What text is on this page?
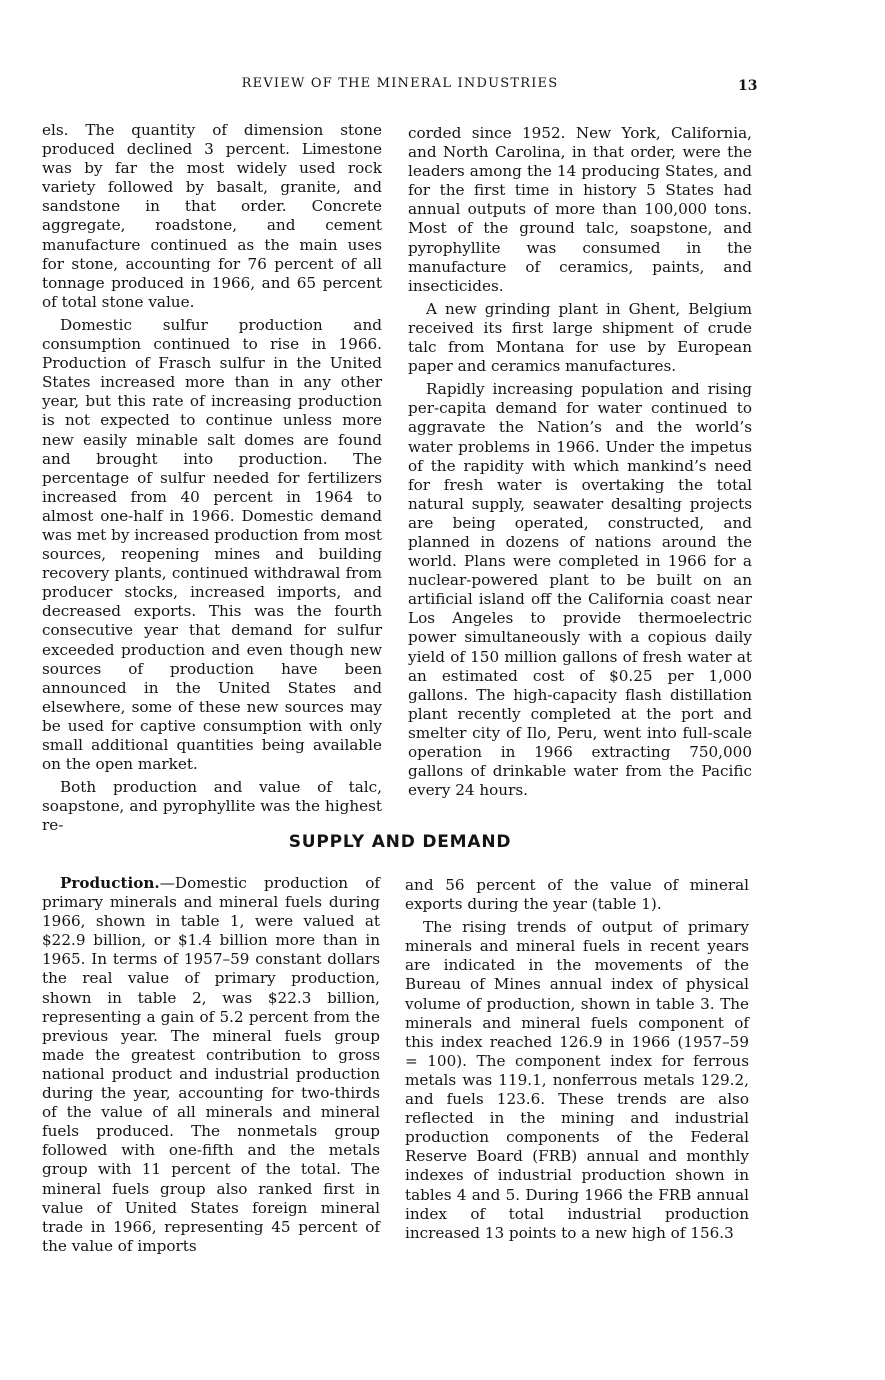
REVIEW OF THE MINERAL INDUSTRIES	13

els. The quantity of dimension stone produced declined 3 percent. Limestone was by far the most widely used rock variety followed by basalt, granite, and sandstone in that order. Concrete aggregate, roadstone, and cement manufacture continued as the main uses for stone, accounting for 76 percent of all tonnage produced in 1966, and 65 percent of total stone value.

Domestic sulfur production and consumption continued to rise in 1966. Production of Frasch sulfur in the United States increased more than in any other year, but this rate of increasing production is not expected to continue unless more new easily minable salt domes are found and brought into production. The percentage of sulfur needed for fertilizers increased from 40 percent in 1964 to almost one-half in 1966. Domestic demand was met by increased production from most sources, reopening mines and building recovery plants, continued withdrawal from producer stocks, increased imports, and decreased exports. This was the fourth consecutive year that demand for sulfur exceeded production and even though new sources of production have been announced in the United States and elsewhere, some of these new sources may be used for captive consumption with only small additional quantities being available on the open market.

Both production and value of talc, soapstone, and pyrophyllite was the highest re-

corded since 1952. New York, California, and North Carolina, in that order, were the leaders among the 14 producing States, and for the first time in history 5 States had annual outputs of more than 100,000 tons. Most of the ground talc, soapstone, and pyrophyllite was consumed in the manufacture of ceramics, paints, and insecticides.

A new grinding plant in Ghent, Belgium received its first large shipment of crude talc from Montana for use by European paper and ceramics manufactures.

Rapidly increasing population and rising per-capita demand for water continued to aggravate the Nation’s and the world’s water problems in 1966. Under the impetus of the rapidity with which mankind’s need for fresh water is overtaking the total natural supply, seawater desalting projects are being operated, constructed, and planned in dozens of nations around the world. Plans were completed in 1966 for a nuclear-powered plant to be built on an artificial island off the California coast near Los Angeles to provide thermoelectric power simultaneously with a copious daily yield of 150 million gallons of fresh water at an estimated cost of $0.25 per 1,000 gallons. The high-capacity flash distillation plant recently completed at the port and smelter city of Ilo, Peru, went into full-scale operation in 1966 extracting 750,000 gallons of drinkable water from the Pacific every 24 hours.

SUPPLY AND DEMAND

Production.—Domestic production of primary minerals and mineral fuels during 1966, shown in table 1, were valued at $22.9 billion, or $1.4 billion more than in 1965. In terms of 1957–59 constant dollars the real value of primary production, shown in table 2, was $22.3 billion, representing a gain of 5.2 percent from the previous year. The mineral fuels group made the greatest contribution to gross national product and industrial production during the year, accounting for two-thirds of the value of all minerals and mineral fuels produced. The nonmetals group followed with one-fifth and the metals group with 11 percent of the total. The mineral fuels group also ranked first in value of United States foreign mineral trade in 1966, representing 45 percent of the value of imports

and 56 percent of the value of mineral exports during the year (table 1).

The rising trends of output of primary minerals and mineral fuels in recent years are indicated in the movements of the Bureau of Mines annual index of physical volume of production, shown in table 3. The minerals and mineral fuels component of this index reached 126.9 in 1966 (1957–59 = 100). The component index for ferrous metals was 119.1, nonferrous metals 129.2, and fuels 123.6. These trends are also reflected in the mining and industrial production components of the Federal Reserve Board (FRB) annual and monthly indexes of industrial production shown in tables 4 and 5. During 1966 the FRB annual index of total industrial production increased 13 points to a new high of 156.3
